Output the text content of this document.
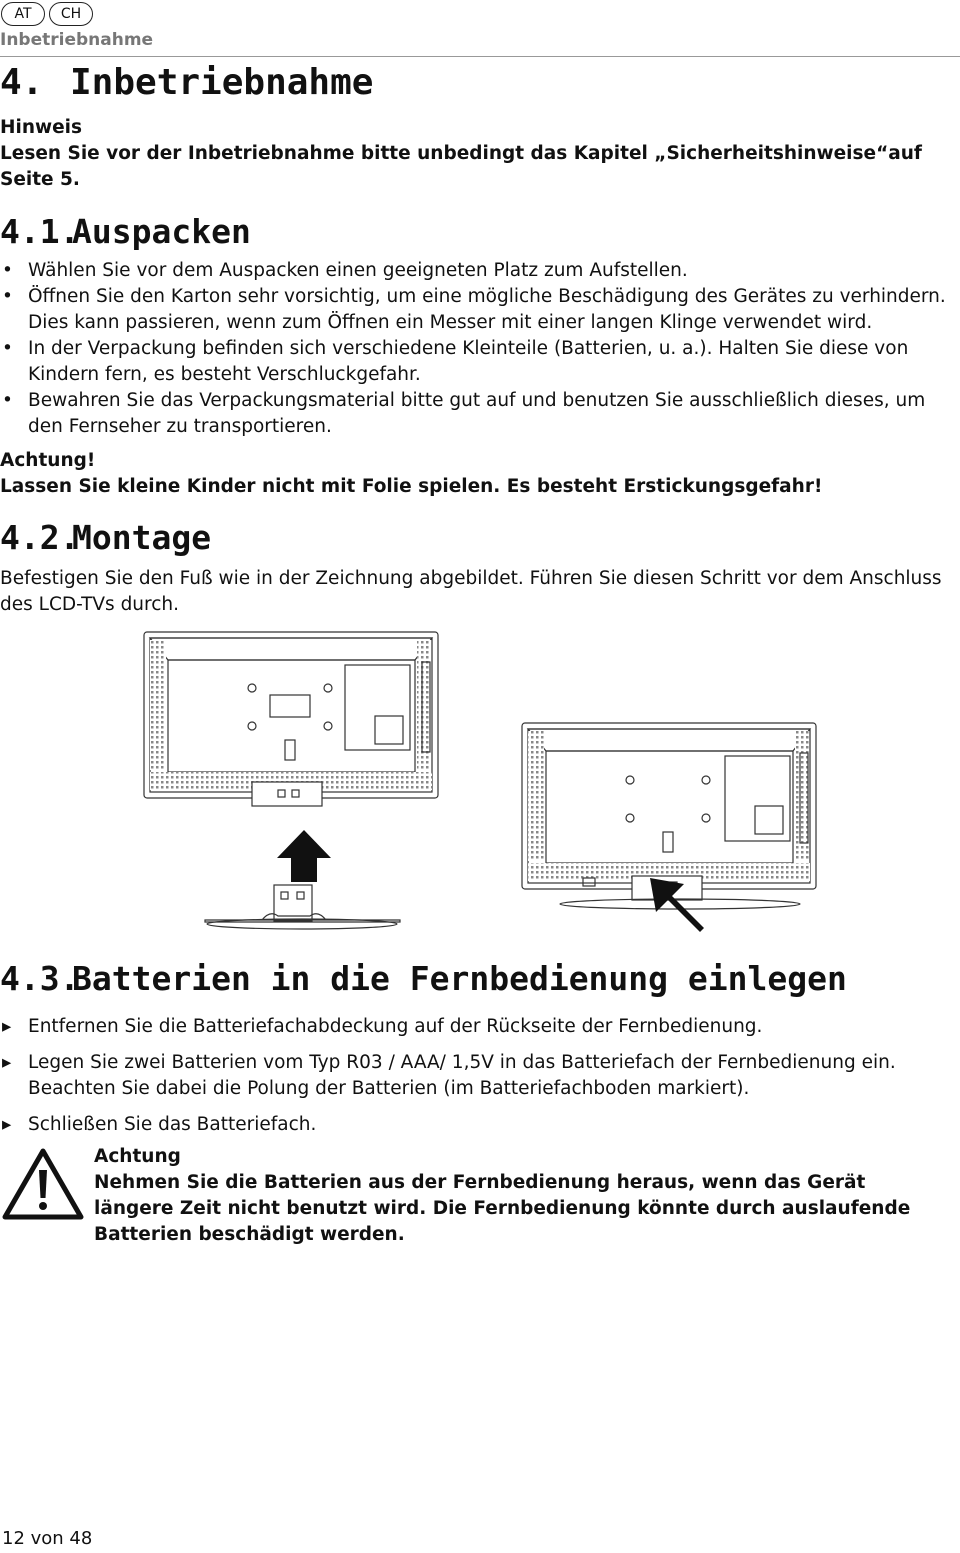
AT	CH
Inbetriebnahme
4. Inbetriebnahme
Hinweis
Lesen Sie vor der Inbetriebnahme bitte unbedingt das Kapitel „Sicherheitshinweise“auf Seite 5.
4.1.Auspacken
• Wählen Sie vor dem Auspacken einen geeigneten Platz zum Aufstellen.
• Öffnen Sie den Karton sehr vorsichtig, um eine mögliche Beschädigung des Gerätes zu verhindern. Dies kann passieren, wenn zum Öffnen ein Messer mit einer langen Klinge verwendet wird.
• In der Verpackung befinden sich verschiedene Kleinteile (Batterien, u. a.). Halten Sie diese von Kindern fern, es besteht Verschluckgefahr.
• Bewahren Sie das Verpackungsmaterial bitte gut auf und benutzen Sie ausschließlich dieses, um den Fernseher zu transportieren.
Achtung!
Lassen Sie kleine Kinder nicht mit Folie spielen. Es besteht Erstickungsgefahr!
4.2.Montage
Befestigen Sie den Fuß wie in der Zeichnung abgebildet. Führen Sie diesen Schritt vor dem Anschluss des LCD-TVs durch.
4.3.Batterien in die Fernbedienung einlegen
▸ Entfernen Sie die Batteriefachabdeckung auf der Rückseite der Fernbedienung.
▸ Legen Sie zwei Batterien vom Typ R03 / AAA/ 1,5V in das Batteriefach der Fernbedienung ein. Beachten Sie dabei die Polung der Batterien (im Batteriefachboden markiert).
▸ Schließen Sie das Batteriefach.
Achtung
Nehmen Sie die Batterien aus der Fernbedienung heraus, wenn das Gerät längere Zeit nicht benutzt wird. Die Fernbedienung könnte durch auslaufende Batterien beschädigt werden.
12 von 48
